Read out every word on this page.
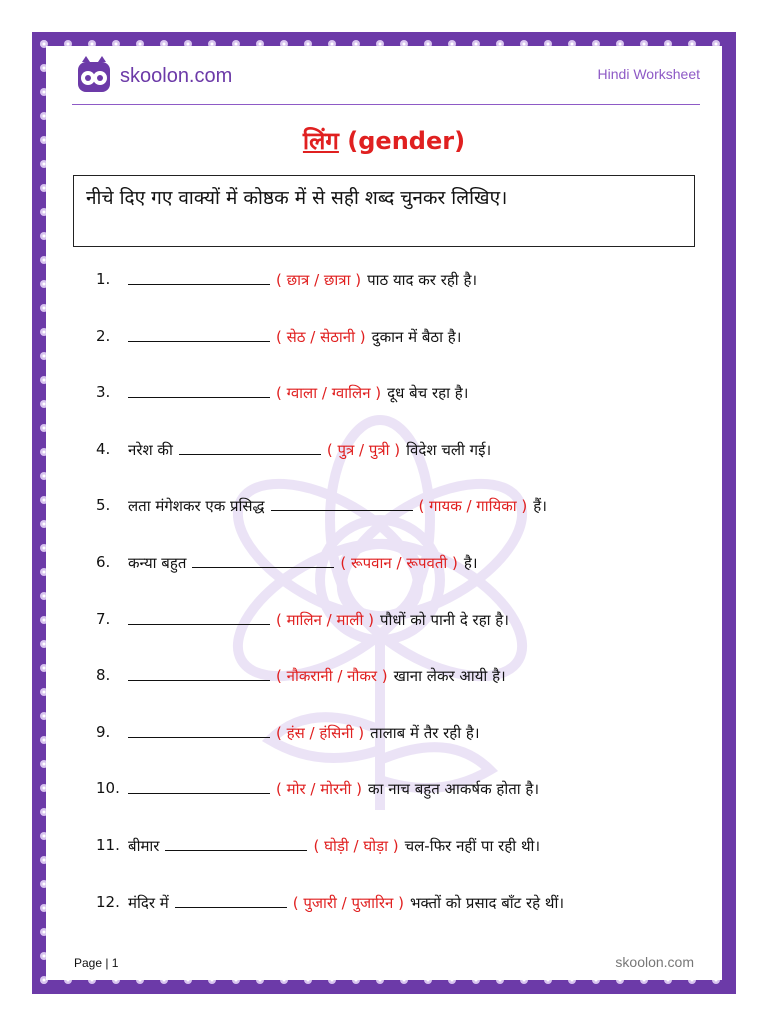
skoolon.com	Hindi Worksheet
लिंग (gender)
नीचे दिए गए वाक्यों में कोष्ठक में से सही शब्द चुनकर लिखिए।
1.	( छात्र / छात्रा ) पाठ याद कर रही है।
2.	( सेठ / सेठानी ) दुकान में बैठा है।
3.	( ग्वाला / ग्वालिन ) दूध बेच रहा है।
4.	नरेश की	( पुत्र / पुत्री ) विदेश चली गई।
5.	लता मंगेशकर एक प्रसिद्ध	( गायक / गायिका ) हैं।
6.	कन्या बहुत	( रूपवान / रूपवती ) है।
7.	( मालिन / माली ) पौधों को पानी दे रहा है।
8.	( नौकरानी / नौकर ) खाना लेकर आयी है।
9.	( हंस / हंसिनी ) तालाब में तैर रही है।
10.	( मोर / मोरनी ) का नाच बहुत आकर्षक होता है।
11. बीमार	( घोड़ी / घोड़ा ) चल-फिर नहीं पा रही थी।
12. मंदिर में	( पुजारी / पुजारिन ) भक्तों को प्रसाद बाँट रहे थीं।
Page | 1	skoolon.com
